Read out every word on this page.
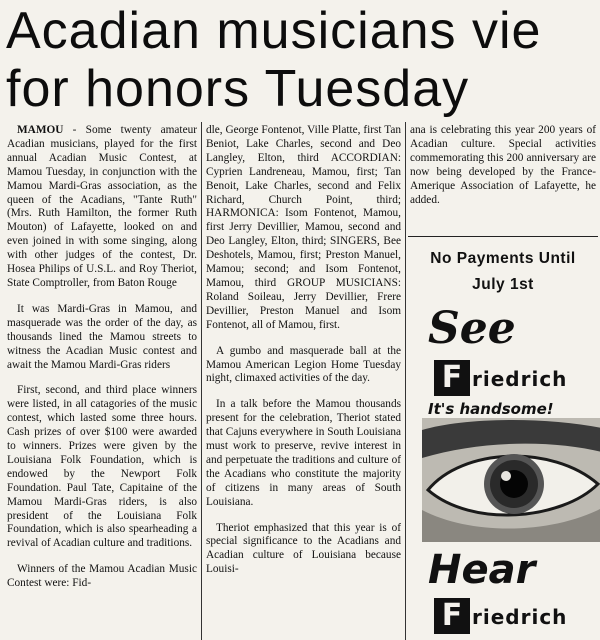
Acadian musicians vie
for honors Tuesday

MAMOU - Some twenty amateur Acadian musicians, played for the first annual Acadian Music Contest, at Mamou Tuesday, in conjunction with the Mamou Mardi-Gras association, as the queen of the Acadians, "Tante Ruth" (Mrs. Ruth Hamilton, the former Ruth Mouton) of Lafayette, looked on and even joined in with some singing, along with other judges of the contest, Dr. Hosea Philips of U.S.L. and Roy Theriot, State Comptroller, from Baton Rouge

It was Mardi-Gras in Mamou, and masquerade was the order of the day, as thousands lined the Mamou streets to witness the Acadian Music contest and await the Mamou Mardi-Gras riders

First, second, and third place winners were listed, in all catagories of the music contest, which lasted some three hours. Cash prizes of over $100 were awarded to winners. Prizes were given by the Louisiana Folk Foundation, which is endowed by the Newport Folk Foundation. Paul Tate, Capitaine of the Mamou Mardi-Gras riders, is also president of the Louisiana Folk Foundation, which is also spearheading a revival of Acadian culture and traditions.

Winners of the Mamou Acadian Music Contest were: Fid-

dle, George Fontenot, Ville Platte, first Tan Beniot, Lake Charles, second and Deo Langley, Elton, third ACCORDIAN: Cyprien Landreneau, Mamou, first; Tan Benoit, Lake Charles, second and Felix Richard, Church Point, third; HARMONICA: Isom Fontenot, Mamou, first Jerry Devillier, Mamou, second and Deo Langley, Elton, third; SINGERS, Bee Deshotels, Mamou, first; Preston Manuel, Mamou; second; and Isom Fontenot, Mamou, third GROUP MUSICIANS: Roland Soileau, Jerry Devillier, Frere Devillier, Preston Manuel and Isom Fontenot, all of Mamou, first.

A gumbo and masquerade ball at the Mamou American Legion Home Tuesday night, climaxed activities of the day.

In a talk before the Mamou thousands present for the celebration, Theriot stated that Cajuns everywhere in South Louisiana must work to preserve, revive interest in and perpetuate the traditions and culture of the Acadians who constitute the majority of citizens in many areas of South Louisiana.

Theriot emphasized that this year is of special significance to the Acadians and Acadian culture of Louisiana because Louisi-

ana is celebrating this year 200 years of Acadian culture. Special activities commemorating this 200 anniversary are now being developed by the France-Amerique Association of Lafayette, he added.

No Payments Until
July 1st
See
F riedrich
It's handsome!
Hear
F riedrich
